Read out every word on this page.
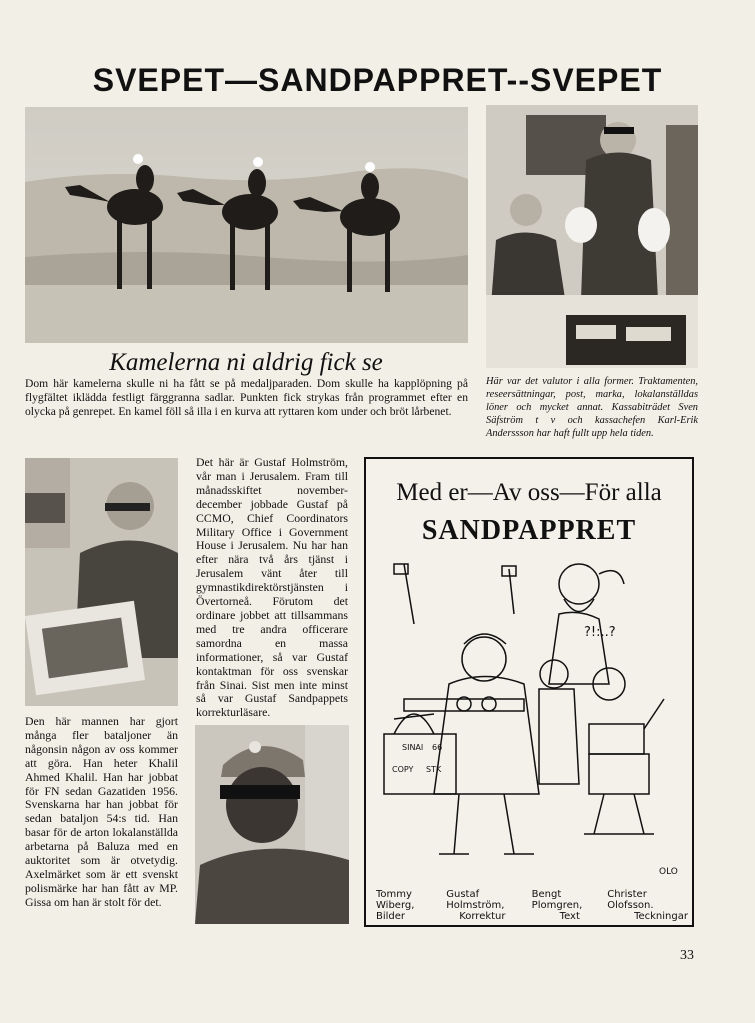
SVEPET—SANDPAPPRET--SVEPET
Kamelerna ni aldrig fick se
Dom här kamelerna skulle ni ha fått se på medaljparaden. Dom skulle ha kapplöpning på flygfältet iklädda festligt färggranna sadlar. Punkten fick strykas från programmet efter en olycka på genrepet. En kamel föll så illa i en kurva att ryttaren kom under och bröt lårbenet.
Här var det valutor i alla former. Traktamenten, reseersättningar, post, marka, lokalanställdas löner och mycket annat. Kassabiträdet Sven Säfström t v och kassachefen Karl-Erik Anderssson har haft fullt upp hela tiden.
Det här är Gustaf Holmström, vår man i Jerusalem. Fram till månadsskiftet november-december jobbade Gustaf på CCMO, Chief Coordinators Military Office i Government House i Jerusalem. Nu har han efter nära två års tjänst i Jerusalem vänt åter till gymnastikdirektörstjänsten i Övertorneå. Förutom det ordinare jobbet att tillsammans med tre andra officerare samordna en massa informationer, så var Gustaf kontaktman för oss svenskar från Sinai. Sist men inte minst så var Gustaf Sandpappets korrekturläsare.
Den här mannen har gjort många fler bataljoner än någonsin någon av oss kommer att göra. Han heter Khalil Ahmed Khalil. Han har jobbat för FN sedan Gazatiden 1956. Svenskarna har han jobbat för sedan bataljon 54:s tid. Han basar för de arton lokalanställda arbetarna på Baluza med en auktoritet som är otvetydig. Axelmärket som är ett svenskt polismärke har han fått av MP. Gissa om han är stolt för det.
Med er—Av oss—För alla
SANDPAPPRET
?!:..?
SINAI 66
COPY STK
OLO
Tommy Wiberg,
Gustaf Holmström,
Bengt Plomgren,
Christer Olofsson.
Bilder	Korrektur	Text	Teckningar
33
